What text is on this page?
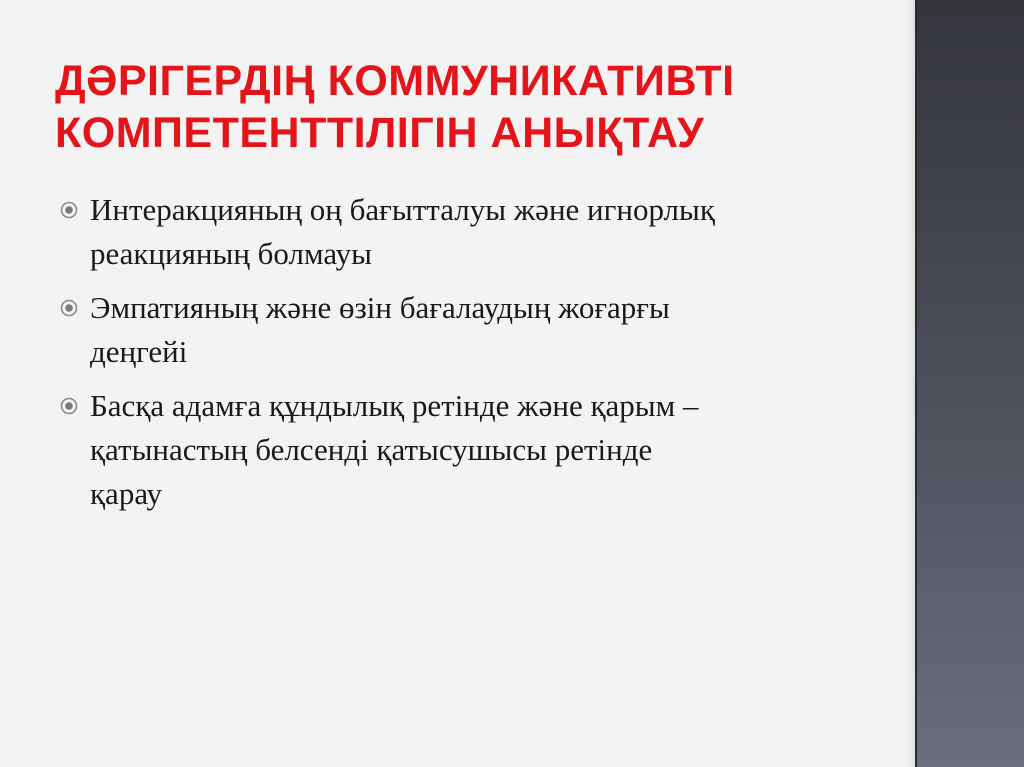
ДӘРІГЕРДІҢ КОММУНИКАТИВТІ
КОМПЕТЕНТТІЛІГІН АНЫҚТАУ
Интеракцияның оң бағытталуы және игнорлық
реакцияның болмауы
Эмпатияның және өзін бағалаудың жоғарғы
деңгейі
Басқа адамға құндылық ретінде және қарым –
қатынастың белсенді қатысушысы ретінде
қарау
